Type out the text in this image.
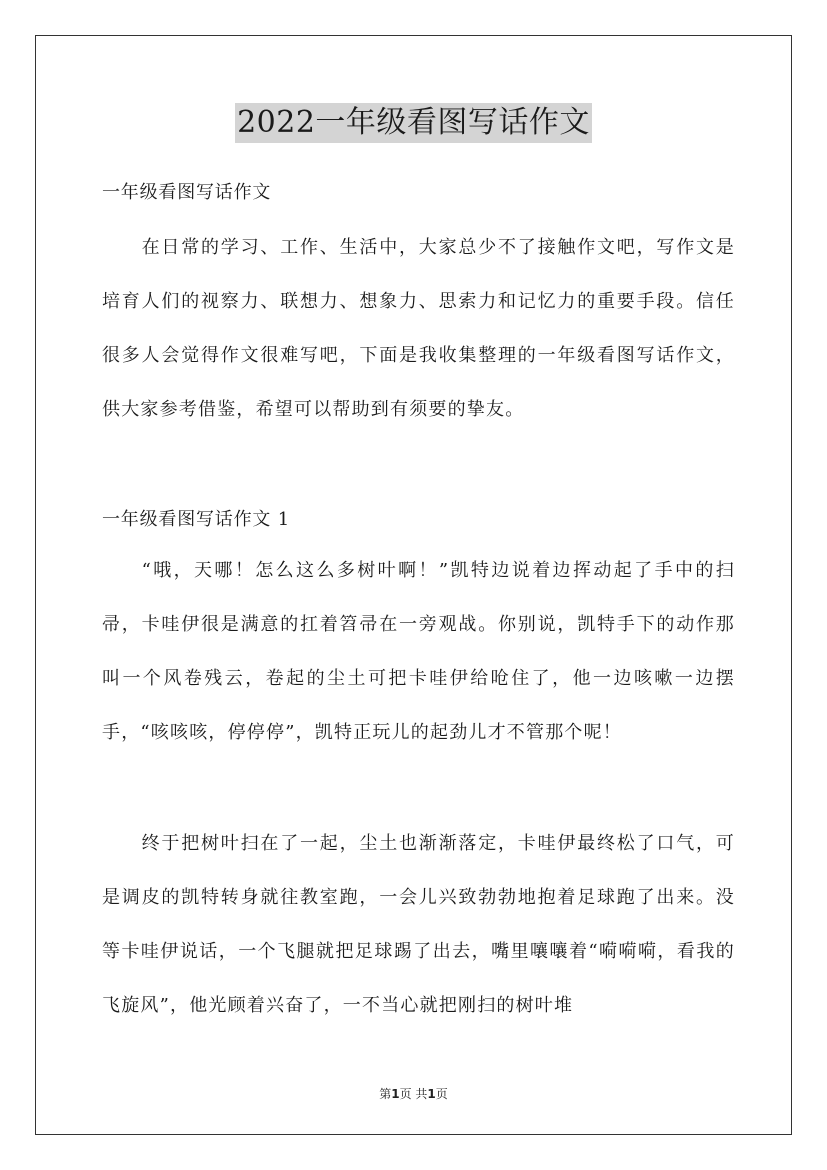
2022一年级看图写话作文

一年级看图写话作文

在日常的学习、工作、生活中，大家总少不了接触作文吧，写作文是培育人们的视察力、联想力、想象力、思索力和记忆力的重要手段。信任很多人会觉得作文很难写吧，下面是我收集整理的一年级看图写话作文，供大家参考借鉴，希望可以帮助到有须要的挚友。

一年级看图写话作文 1

“哦，天哪！怎么这么多树叶啊！”凯特边说着边挥动起了手中的扫帚，卡哇伊很是满意的扛着笤帚在一旁观战。你别说，凯特手下的动作那叫一个风卷残云，卷起的尘土可把卡哇伊给呛住了，他一边咳嗽一边摆手，“咳咳咳，停停停”，凯特正玩儿的起劲儿才不管那个呢！

终于把树叶扫在了一起，尘土也渐渐落定，卡哇伊最终松了口气，可是调皮的凯特转身就往教室跑，一会儿兴致勃勃地抱着足球跑了出来。没等卡哇伊说话，一个飞腿就把足球踢了出去，嘴里嚷嚷着“嗬嗬嗬，看我的飞旋风”，他光顾着兴奋了，一不当心就把刚扫的树叶堆

第1页 共1页
